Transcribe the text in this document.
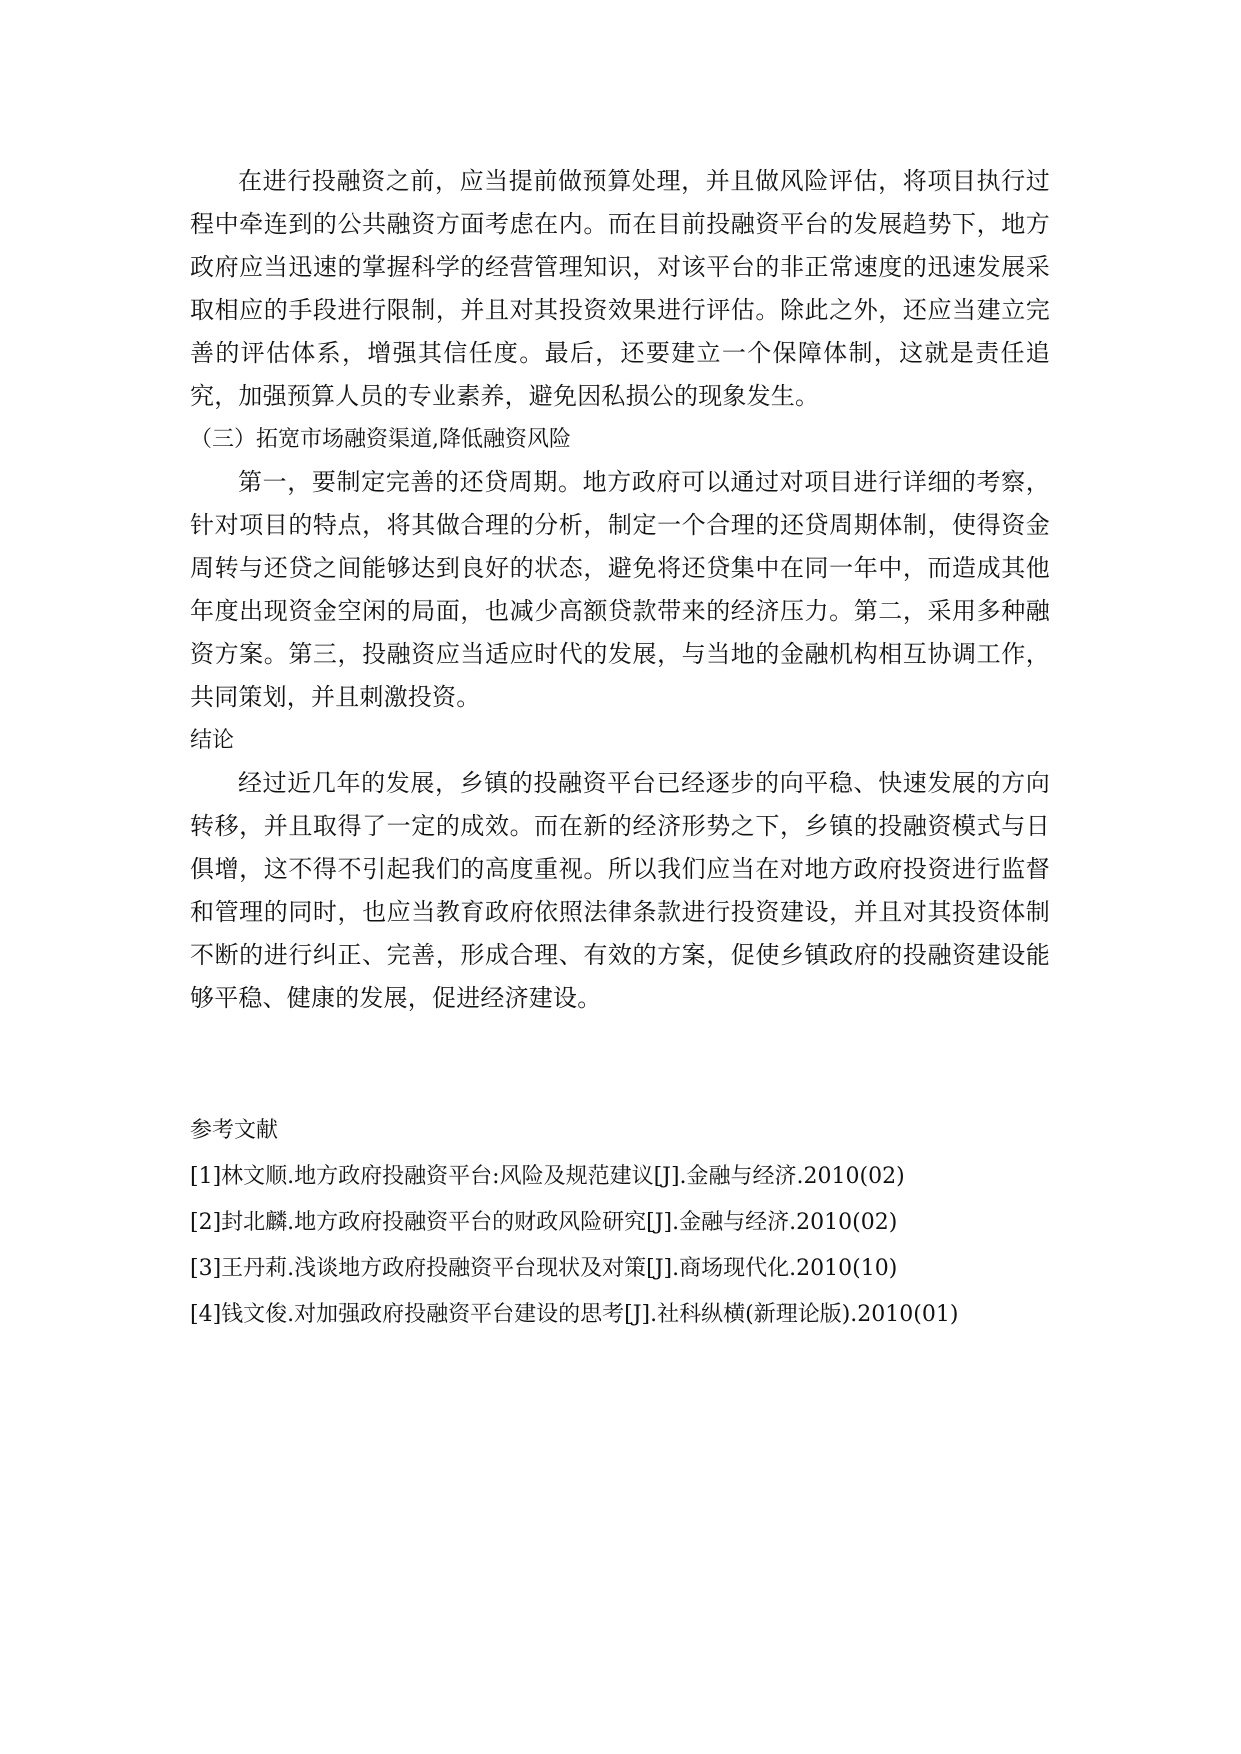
在进行投融资之前，应当提前做预算处理，并且做风险评估，将项目执行过程中牵连到的公共融资方面考虑在内。而在目前投融资平台的发展趋势下，地方政府应当迅速的掌握科学的经营管理知识，对该平台的非正常速度的迅速发展采取相应的手段进行限制，并且对其投资效果进行评估。除此之外，还应当建立完善的评估体系，增强其信任度。最后，还要建立一个保障体制，这就是责任追究，加强预算人员的专业素养，避免因私损公的现象发生。

（三）拓宽市场融资渠道,降低融资风险

第一，要制定完善的还贷周期。地方政府可以通过对项目进行详细的考察，针对项目的特点，将其做合理的分析，制定一个合理的还贷周期体制，使得资金周转与还贷之间能够达到良好的状态，避免将还贷集中在同一年中，而造成其他年度出现资金空闲的局面，也减少高额贷款带来的经济压力。第二，采用多种融资方案。第三，投融资应当适应时代的发展，与当地的金融机构相互协调工作，共同策划，并且刺激投资。

结论

经过近几年的发展，乡镇的投融资平台已经逐步的向平稳、快速发展的方向转移，并且取得了一定的成效。而在新的经济形势之下，乡镇的投融资模式与日俱增，这不得不引起我们的高度重视。所以我们应当在对地方政府投资进行监督和管理的同时，也应当教育政府依照法律条款进行投资建设，并且对其投资体制不断的进行纠正、完善，形成合理、有效的方案，促使乡镇政府的投融资建设能够平稳、健康的发展，促进经济建设。

参考文献

[1]林文顺.地方政府投融资平台:风险及规范建议[J].金融与经济.2010(02)
[2]封北麟.地方政府投融资平台的财政风险研究[J].金融与经济.2010(02)
[3]王丹莉.浅谈地方政府投融资平台现状及对策[J].商场现代化.2010(10)
[4]钱文俊.对加强政府投融资平台建设的思考[J].社科纵横(新理论版).2010(01)
